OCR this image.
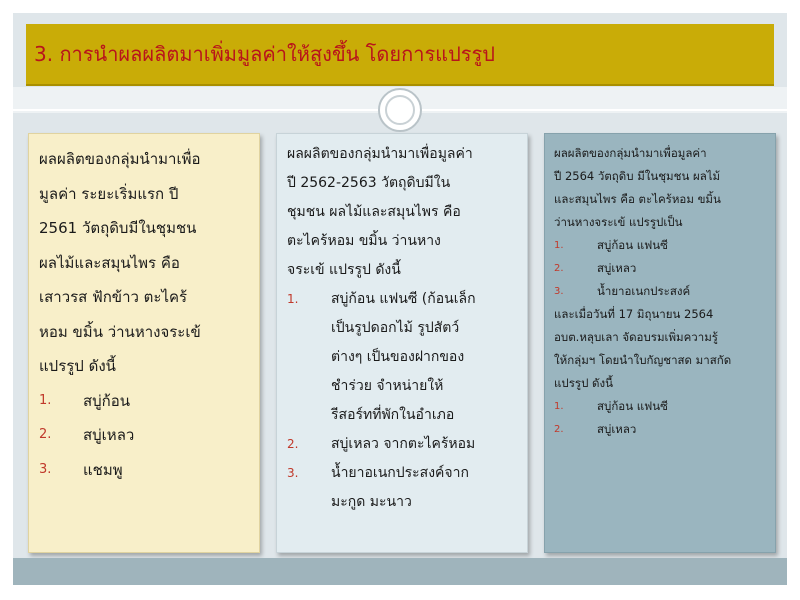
3. การนำผลผลิตมาเพิ่มมูลค่าให้สูงขึ้น โดยการแปรรูป

ผลผลิตของกลุ่มนำมาเพื่อ

มูลค่า ระยะเริ่มแรก ปี

2561 วัตถุดิบมีในชุมชน

ผลไม้และสมุนไพร คือ

เสาวรส ฟักข้าว ตะไคร้

หอม ขมิ้น ว่านหางจระเข้

แปรรูป ดังนี้

1.	สบู่ก้อน
2.	สบู่เหลว
3.	แชมพู

ผลผลิตของกลุ่มนำมาเพื่อมูลค่า

ปี 2562-2563 วัตถุดิบมีใน

ชุมชน ผลไม้และสมุนไพร คือ

ตะไคร้หอม ขมิ้น ว่านหาง

จระเข้ แปรรูป ดังนี้

1.	สบู่ก้อน แฟนซี (ก้อนเล็ก
เป็นรูปดอกไม้ รูปสัตว์
ต่างๆ เป็นของฝากของ
ชำร่วย จำหน่ายให้
รีสอร์ทที่พักในอำเภอ
2.	สบู่เหลว จากตะไคร้หอม
3.	น้ำยาอเนกประสงค์จาก
มะกูด มะนาว

ผลผลิตของกลุ่มนำมาเพื่อมูลค่า

ปี 2564 วัตถุดิบ มีในชุมชน ผลไม้

และสมุนไพร คือ ตะไคร้หอม ขมิ้น

ว่านหางจระเข้ แปรรูปเป็น

1.	สบู่ก้อน แฟนซี
2.	สบู่เหลว
3.	น้ำยาอเนกประสงค์

และเมื่อวันที่ 17 มิถุนายน 2564

อบต.หลุบเลา จัดอบรมเพิ่มความรู้

ให้กลุ่มฯ โดยนำใบกัญชาสด มาสกัด

แปรรูป ดังนี้

1.	สบู่ก้อน แฟนซี
2.	สบู่เหลว
